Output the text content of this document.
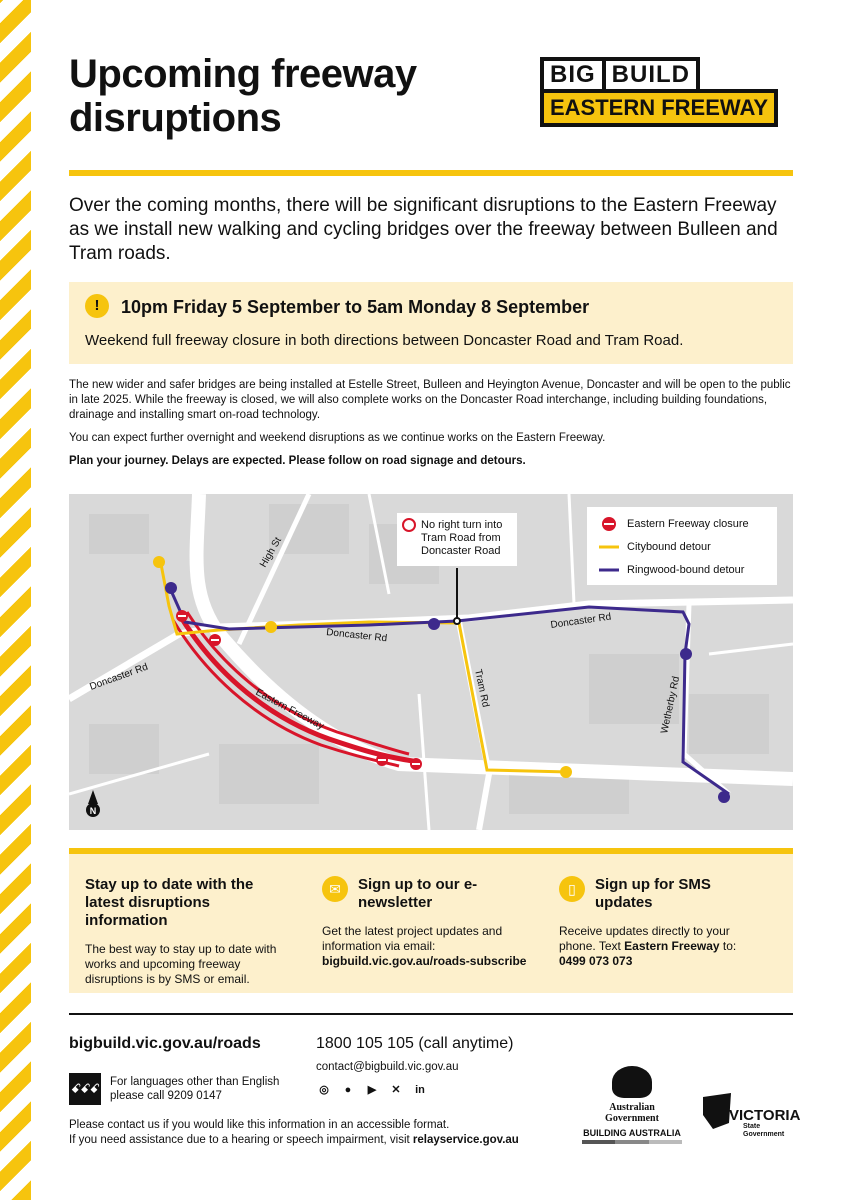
Upcoming freeway
disruptions
BIG BUILD
EASTERN FREEWAY
Over the coming months, there will be significant disruptions to the Eastern Freeway as we install new walking and cycling bridges over the freeway between Bulleen and Tram roads.
!	10pm Friday 5 September to 5am Monday 8 September
Weekend full freeway closure in both directions between Doncaster Road and Tram Road.

The new wider and safer bridges are being installed at Estelle Street, Bulleen and Heyington Avenue, Doncaster and will be open to the public in late 2025. While the freeway is closed, we will also complete works on the Doncaster Road interchange, including building foundations, drainage and installing smart on-road technology.

You can expect further overnight and weekend disruptions as we continue works on the Eastern Freeway.

Plan your journey. Delays are expected. Please follow on road signage and detours.

High St
Doncaster Rd
Doncaster Rd
Doncaster Rd
Eastern Freeway	Tram Rd	Wetherby Rd
N
No right turn into Tram Road from Doncaster Road
Eastern Freeway closure
Citybound detour
Ringwood-bound detour
Stay up to date with the latest disruptions information

The best way to stay up to date with works and upcoming freeway disruptions is by SMS or email.

✉	Sign up to our e-newsletter

Get the latest project updates and information via email:

bigbuild.vic.gov.au/roads-subscribe

▯	Sign up for SMS updates

Receive updates directly to your phone. Text Eastern Freeway to:

0499 073 073

bigbuild.vic.gov.au/roads	1800 105 105 (call anytime)
contact@bigbuild.vic.gov.au
◎	●	▶	✕	in
ꗃꗃꗃ For languages other than English please call 9209 0147
Please contact us if you would like this information in an accessible format.
If you need assistance due to a hearing or speech impairment, visit relayservice.gov.au
Australian Government
BUILDING AUSTRALIA
VICTORIA
State
Government
